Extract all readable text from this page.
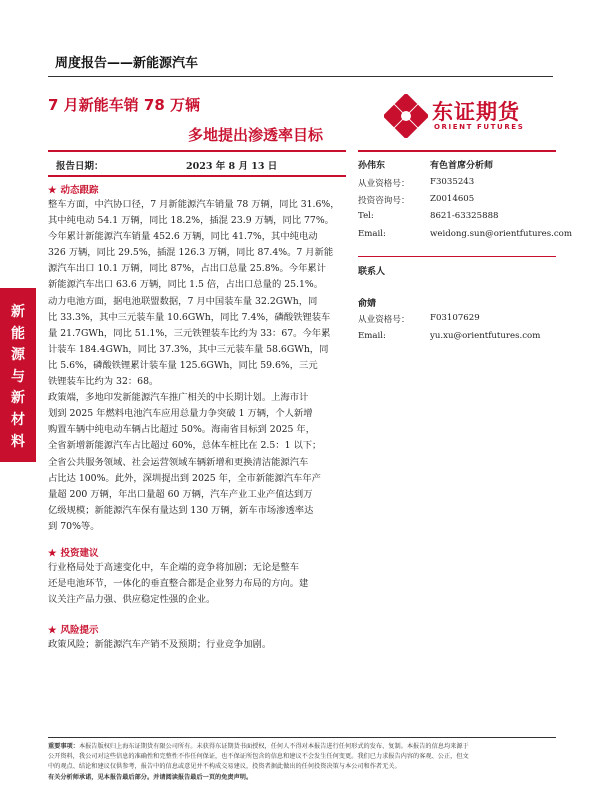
周度报告——新能源汽车
7 月新能车销 78 万辆
多地提出渗透率目标
东证期货
ORIENT FUTURES
报告日期：	2023 年 8 月 13 日
★ 动态跟踪
整车方面，中汽协口径，7 月新能源汽车销量 78 万辆，同比 31.6%，
其中纯电动 54.1 万辆，同比 18.2%，插混 23.9 万辆，同比 77%。
今年累计新能源汽车销量 452.6 万辆，同比 41.7%，其中纯电动
326 万辆，同比 29.5%，插混 126.3 万辆，同比 87.4%。7 月新能
源汽车出口 10.1 万辆，同比 87%，占出口总量 25.8%。今年累计
新能源汽车出口 63.6 万辆，同比 1.5 倍，占出口总量的 25.1%。
动力电池方面，据电池联盟数据，7 月中国装车量 32.2GWh，同
比 33.3%，其中三元装车量 10.6GWh，同比 7.4%，磷酸铁锂装车
量 21.7GWh，同比 51.1%，三元铁锂装车比约为 33：67。今年累
计装车 184.4GWh，同比 37.3%，其中三元装车量 58.6GWh，同
比 5.6%，磷酸铁锂累计装车量 125.6GWh，同比 59.6%，三元
铁锂装车比约为 32：68。
政策端，多地印发新能源汽车推广相关的中长期计划。上海市计
划到 2025 年燃料电池汽车应用总量力争突破 1 万辆，个人新增
购置车辆中纯电动车辆占比超过 50%。海南省目标到 2025 年，
全省新增新能源汽车占比超过 60%，总体车桩比在 2.5：1 以下；
全省公共服务领域、社会运营领域车辆新增和更换清洁能源汽车
占比达 100%。此外，深圳提出到 2025 年，全市新能源汽车年产
量超 200 万辆，年出口量超 60 万辆，汽车产业工业产值达到万
亿级规模；新能源汽车保有量达到 130 万辆，新车市场渗透率达
到 70%等。
★ 投资建议
行业格局处于高速变化中，车企端的竞争将加剧；无论是整车
还是电池环节，一体化的垂直整合都是企业努力布局的方向。建
议关注产品力强、供应稳定性强的企业。
★ 风险提示
政策风险；新能源汽车产销不及预期；行业竞争加剧。
新
能
源
与
新
材
料
孙伟东	有色首席分析师
从业资格号： F3035243
投资咨询号： Z0014605
Tel:	8621-63325888
Email:	weidong.sun@orientfutures.com
联系人
俞婧
从业资格号： F03107629
Email:	yu.xu@orientfutures.com
重要事项：本报告版权归上海东证期货有限公司所有。未获得东证期货书面授权，任何人不得对本报告进行任何形式的发布、复制。本报告的信息均来源于
公开资料，我公司对这些信息的准确性和完整性不作任何保证，也不保证所包含的信息和建议不会发生任何变更。我们已力求报告内容的客观、公正，但文
中的观点、结论和建议仅供参考，报告中的信息或意见并不构成交易建议，投资者据此做出的任何投资决策与本公司和作者无关。
有关分析师承诺，见本报告最后部分。并请阅读报告最后一页的免责声明。
